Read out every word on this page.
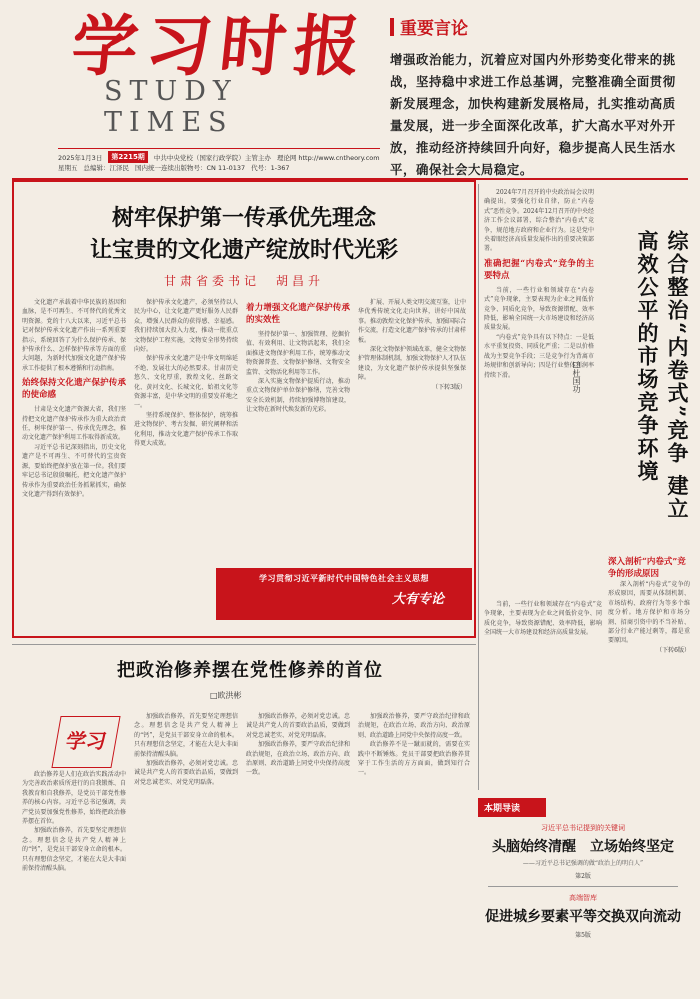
学习时报
STUDY TIMES
2025年1月3日	第2215期	中共中央党校（国家行政学院）主管主办 理论网 http://www.cntheory.com
星期五 总编辑：江泽民 国内统一连续出版物号：CN 11-0137 代号：1-367
重要言论
增强政治能力，沉着应对国内外形势变化带来的挑战，坚持稳中求进工作总基调，完整准确全面贯彻新发展理念，加快构建新发展格局，扎实推动高质量发展，进一步全面深化改革，扩大高水平对外开放，推动经济持续回升向好，稳步提高人民生活水平，确保社会大局稳定。
树牢保护第一传承优先理念
让宝贵的文化遗产绽放时代光彩
甘肃省委书记　胡昌升

文化遗产承载着中华民族的基因和血脉，是不可再生、不可替代的优秀文明资源。党的十八大以来，习近平总书记对保护传承文化遗产作出一系列重要指示，系统回答了为什么保护传承、保护传承什么、怎样保护传承等方面的重大问题，为新时代加强文化遗产保护传承工作提供了根本遵循和行动指南。

始终保持文化遗产保护传承的使命感

甘肃是文化遗产资源大省，我们坚持把文化遗产保护传承作为重大政治责任，树牢保护第一、传承优先理念，推动文化遗产保护利用工作取得新成效。

习近平总书记深刻指出，历史文化遗产是不可再生、不可替代的宝贵资源，要始终把保护放在第一位。我们要牢记总书记殷殷嘱托，把文化遗产保护传承作为重要政治任务抓紧抓实，确保文化遗产得到有效保护。

保护传承文化遗产，必须坚持以人民为中心，让文化遗产更好服务人民群众，增强人民群众的获得感、幸福感。我们持续加大投入力度，推动一批重点文物保护工程实施，文物安全形势持续向好。

保护传承文化遗产是中华文明绵延不绝、发展壮大的必然要求。甘肃历史悠久、文化厚重，敦煌文化、丝路文化、黄河文化、长城文化、始祖文化等资源丰富，是中华文明的重要发祥地之一。

坚持系统保护、整体保护，统筹推进文物保护、考古发掘、研究阐释和活化利用，推动文化遗产保护传承工作取得更大成效。

着力增强文化遗产保护传承的实效性

坚持保护第一、加强管理、挖掘价值、有效利用、让文物活起来，我们全面推进文物保护利用工作，统筹推动文物资源普查、文物保护修缮、文物安全监管、文物活化利用等工作。

深入实施文物保护提质行动，推动重点文物保护单位保护修缮，完善文物安全长效机制，持续加强博物馆建设，让文物在新时代焕发新的光彩。

扩展、开展人类文明交流互鉴，让中华优秀传统文化走向世界，讲好中国故事。推动敦煌文化保护传承，加强国际合作交流，打造文化遗产保护传承的甘肃样板。

深化文物保护领域改革，健全文物保护管理体制机制，加强文物保护人才队伍建设，为文化遗产保护传承提供坚强保障。

（下转3版）
学习贯彻习近平新时代中国特色社会主义思想
大有专论

2024年7月召开的中央政治局会议明确提出，要强化行业自律，防止“内卷式”恶性竞争。2024年12月召开的中央经济工作会议部署，综合整治“内卷式”竞争，规范地方政府和企业行为。这是党中央着眼经济高质量发展作出的重要决策部署。

准确把握“内卷式”竞争的主要特点

当前，一些行业和领域存在“内卷式”竞争现象，主要表现为企业之间低价竞争、同质化竞争，导致资源错配、效率降低，影响全国统一大市场建设和经济高质量发展。

“内卷式”竞争具有以下特点：一是低水平重复投资、同质化严重；二是以价格战为主要竞争手段；三是竞争行为背离市场规律和创新导向；四是行业整体利润率持续下滑。	综合整治“内卷式”竞争 建立高效公平的市场竞争环境
□杜国功
深入剖析“内卷式”竞争的形成原因

深入剖析“内卷式”竞争的形成原因，需要从体制机制、市场结构、政府行为等多个维度分析。地方保护和市场分割、招商引资中的不当补贴、部分行业产能过剩等，都是重要原因。

（下转6版）

当前，一些行业和领域存在“内卷式”竞争现象，主要表现为企业之间低价竞争、同质化竞争，导致资源错配、效率降低，影响全国统一大市场建设和经济高质量发展。

把政治修养摆在党性修养的首位
□欧洪彬
学习

政治修养是人们在政治实践活动中为完善政治素质所进行的自我锻炼、自我教育和自我修养，是党员干部党性修养的核心内容。习近平总书记强调，共产党员要加强党性修养，始终把政治修养摆在首位。

加强政治修养，首先要坚定理想信念。理想信念是共产党人精神上的“钙”，是党员干部安身立命的根本。只有理想信念坚定，才能在大是大非面前保持清醒头脑。

加强政治修养，首先要坚定理想信念。理想信念是共产党人精神上的“钙”，是党员干部安身立命的根本。只有理想信念坚定，才能在大是大非面前保持清醒头脑。

加强政治修养，必须对党忠诚。忠诚是共产党人的首要政治品质，要做到对党忠诚老实、对党光明磊落。

加强政治修养，必须对党忠诚。忠诚是共产党人的首要政治品质，要做到对党忠诚老实、对党光明磊落。

加强政治修养，要严守政治纪律和政治规矩，在政治立场、政治方向、政治原则、政治道路上同党中央保持高度一致。

加强政治修养，要严守政治纪律和政治规矩，在政治立场、政治方向、政治原则、政治道路上同党中央保持高度一致。

政治修养不是一蹴而就的，需要在实践中不断锤炼。党员干部要把政治修养贯穿于工作生活的方方面面，做到知行合一。

本期导读
习近平总书记提到的关键词
头脑始终清醒　立场始终坚定
——习近平总书记强调的做“政治上的明白人”
第2版
高端智库
促进城乡要素平等交换双向流动
第5版
